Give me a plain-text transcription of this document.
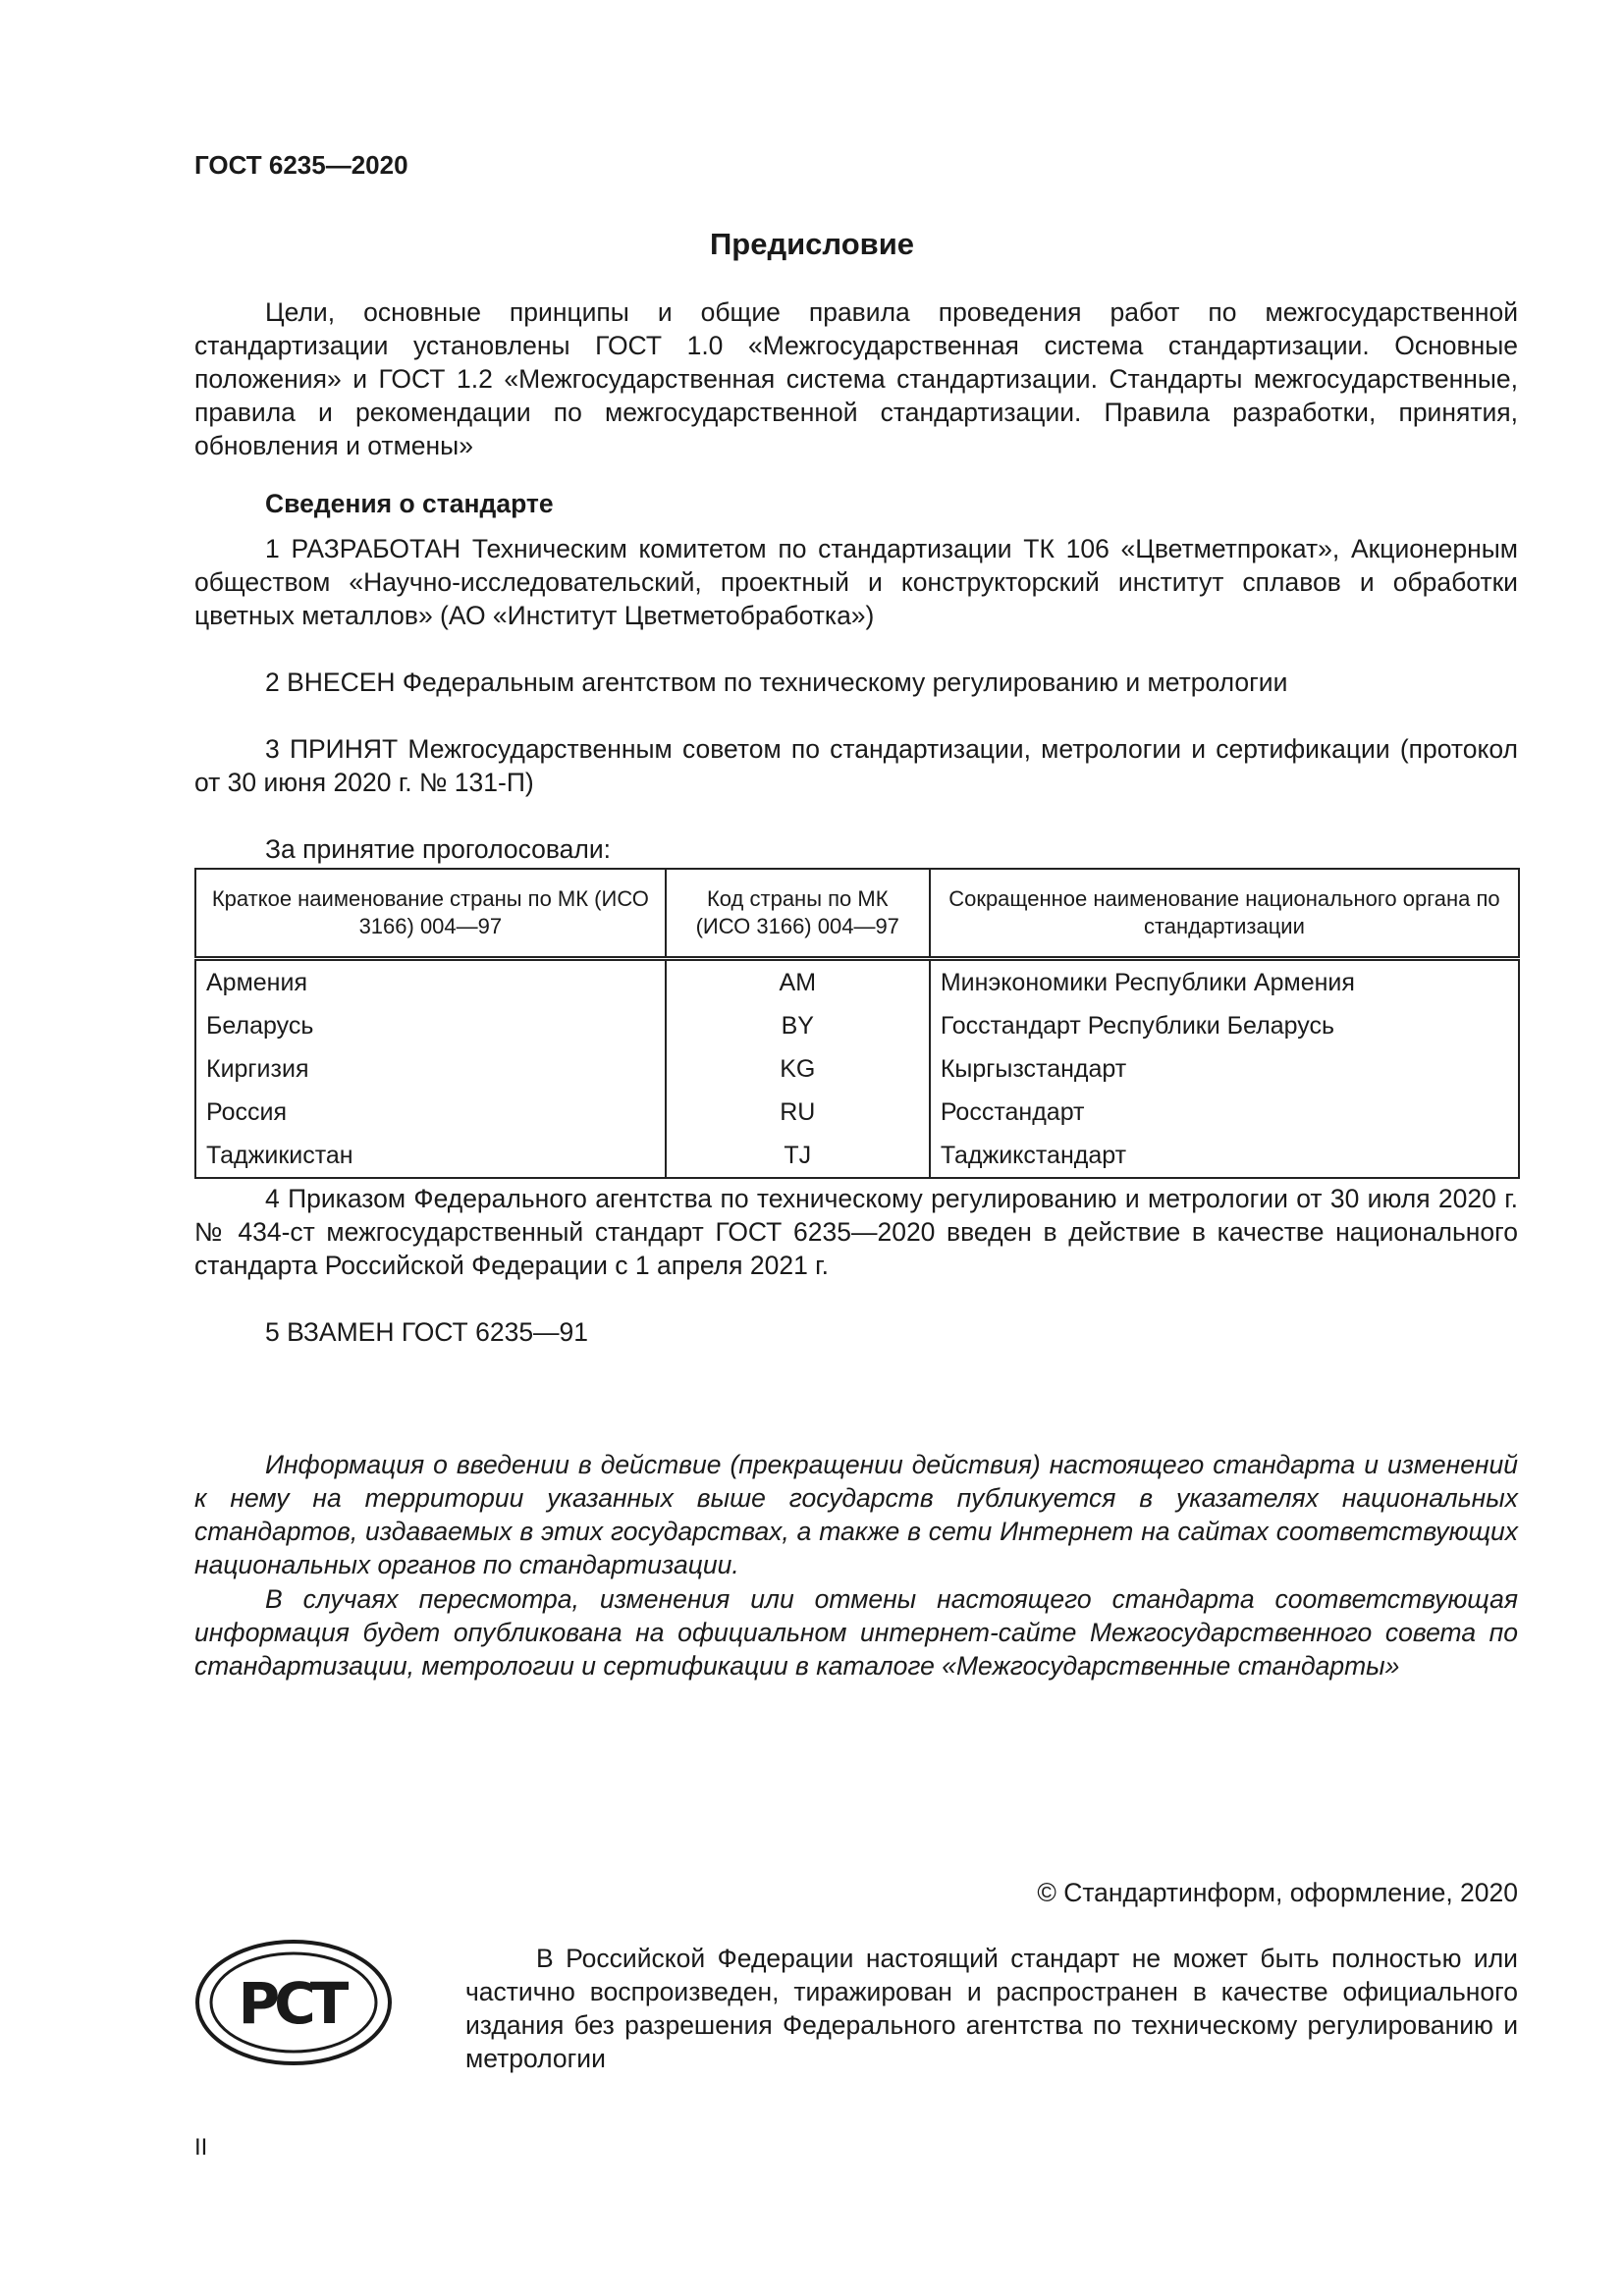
ГОСТ 6235—2020
Предисловие
Цели, основные принципы и общие правила проведения работ по межгосударственной стандартизации установлены ГОСТ 1.0 «Межгосударственная система стандартизации. Основные положения» и ГОСТ 1.2 «Межгосударственная система стандартизации. Стандарты межгосударственные, правила и рекомендации по межгосударственной стандартизации. Правила разработки, принятия, обновления и отмены»
Сведения о стандарте
1 РАЗРАБОТАН Техническим комитетом по стандартизации ТК 106 «Цветметпрокат», Акционерным обществом «Научно-исследовательский, проектный и конструкторский институт сплавов и обработки цветных металлов» (АО «Институт Цветметобработка»)
2 ВНЕСЕН Федеральным агентством по техническому регулированию и метрологии
3 ПРИНЯТ Межгосударственным советом по стандартизации, метрологии и сертификации (протокол от 30 июня 2020 г. № 131-П)
За принятие проголосовали:
Краткое наименование страны по МК (ИСО 3166) 004—97	Код страны по МК (ИСО 3166) 004—97	Сокращенное наименование национального органа по стандартизации
Армения	AM	Минэкономики Республики Армения
Беларусь	BY	Госстандарт Республики Беларусь
Киргизия	KG	Кыргызстандарт
Россия	RU	Росстандарт
Таджикистан	TJ	Таджикстандарт
4 Приказом Федерального агентства по техническому регулированию и метрологии от 30 июля 2020 г. № 434-ст межгосударственный стандарт ГОСТ 6235—2020 введен в действие в качестве национального стандарта Российской Федерации с 1 апреля 2021 г.
5 ВЗАМЕН ГОСТ 6235—91
Информация о введении в действие (прекращении действия) настоящего стандарта и изменений к нему на территории указанных выше государств публикуется в указателях национальных стандартов, издаваемых в этих государствах, а также в сети Интернет на сайтах соответствующих национальных органов по стандартизации.
В случаях пересмотра, изменения или отмены настоящего стандарта соответствующая информация будет опубликована на официальном интернет-сайте Межгосударственного совета по стандартизации, метрологии и сертификации в каталоге «Межгосударственные стандарты»
© Стандартинформ, оформление, 2020
РСТ
В Российской Федерации настоящий стандарт не может быть полностью или частично воспроизведен, тиражирован и распространен в качестве официального издания без разрешения Федерального агентства по техническому регулированию и метрологии
II
